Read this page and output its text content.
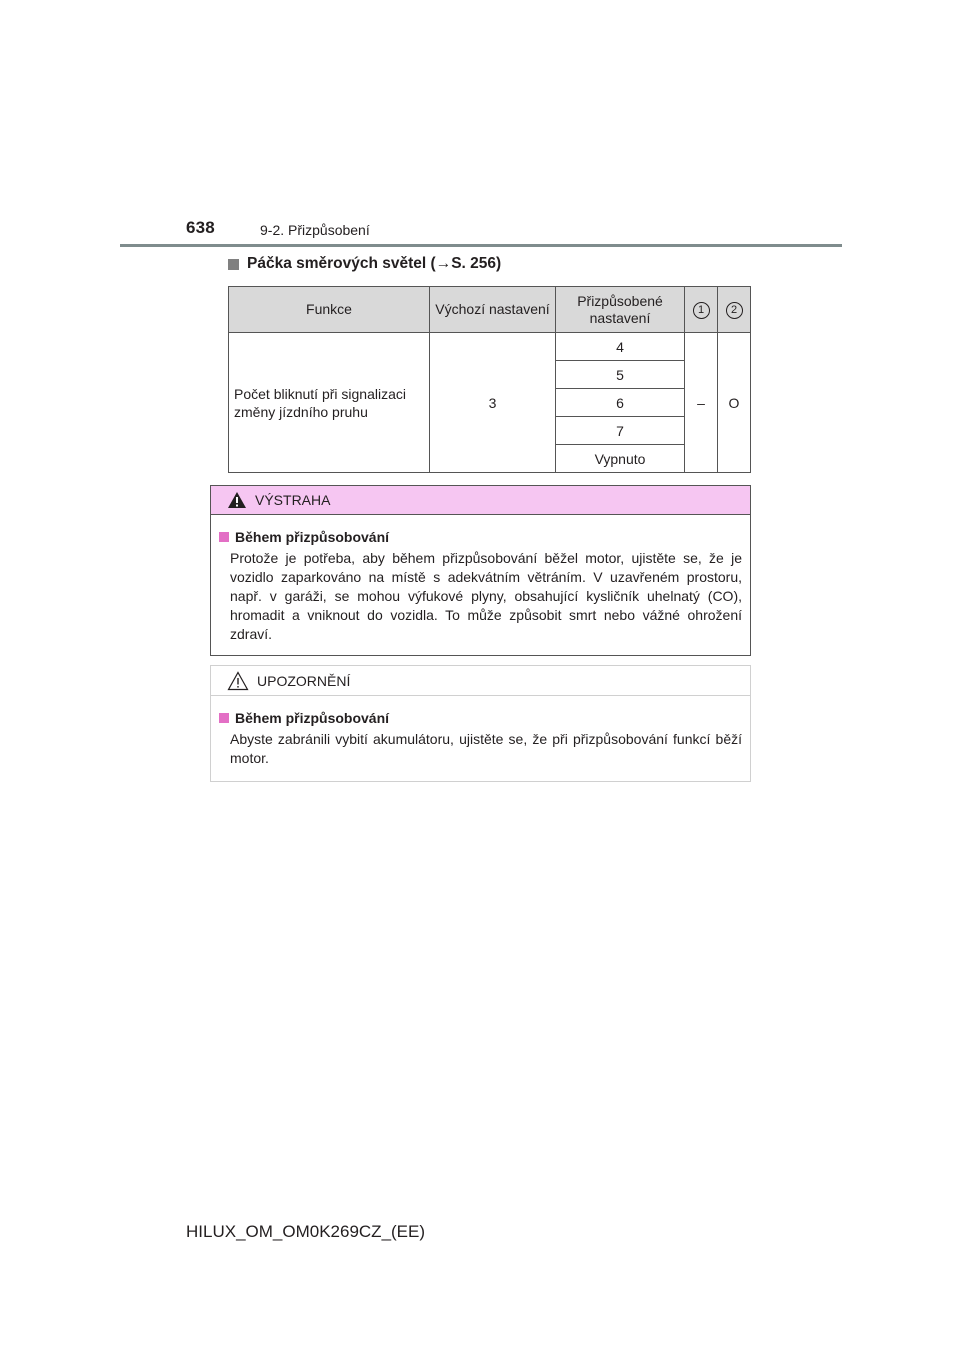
638	9-2. Přizpůsobení
Páčka směrových světel (→S. 256)
Funkce	Výchozí nastavení	Přizpůsobené nastavení	1	2
Počet bliknutí při signalizaci změny jízdního pruhu	3	4	–	O
		5		
		6		
		7		
		Vypnuto		
VÝSTRAHA
Během přizpůsobování
Protože je potřeba, aby během přizpůsobování běžel motor, ujistěte se, že je vozidlo zaparkováno na místě s adekvátním větráním. V uzavřeném prostoru, např. v garáži, se mohou výfukové plyny, obsahující kysličník uhelnatý (CO), hromadit a vniknout do vozidla. To může způsobit smrt nebo vážné ohrožení zdraví.
UPOZORNĚNÍ
Během přizpůsobování
Abyste zabránili vybití akumulátoru, ujistěte se, že při přizpůsobování funkcí běží motor.
HILUX_OM_OM0K269CZ_(EE)
